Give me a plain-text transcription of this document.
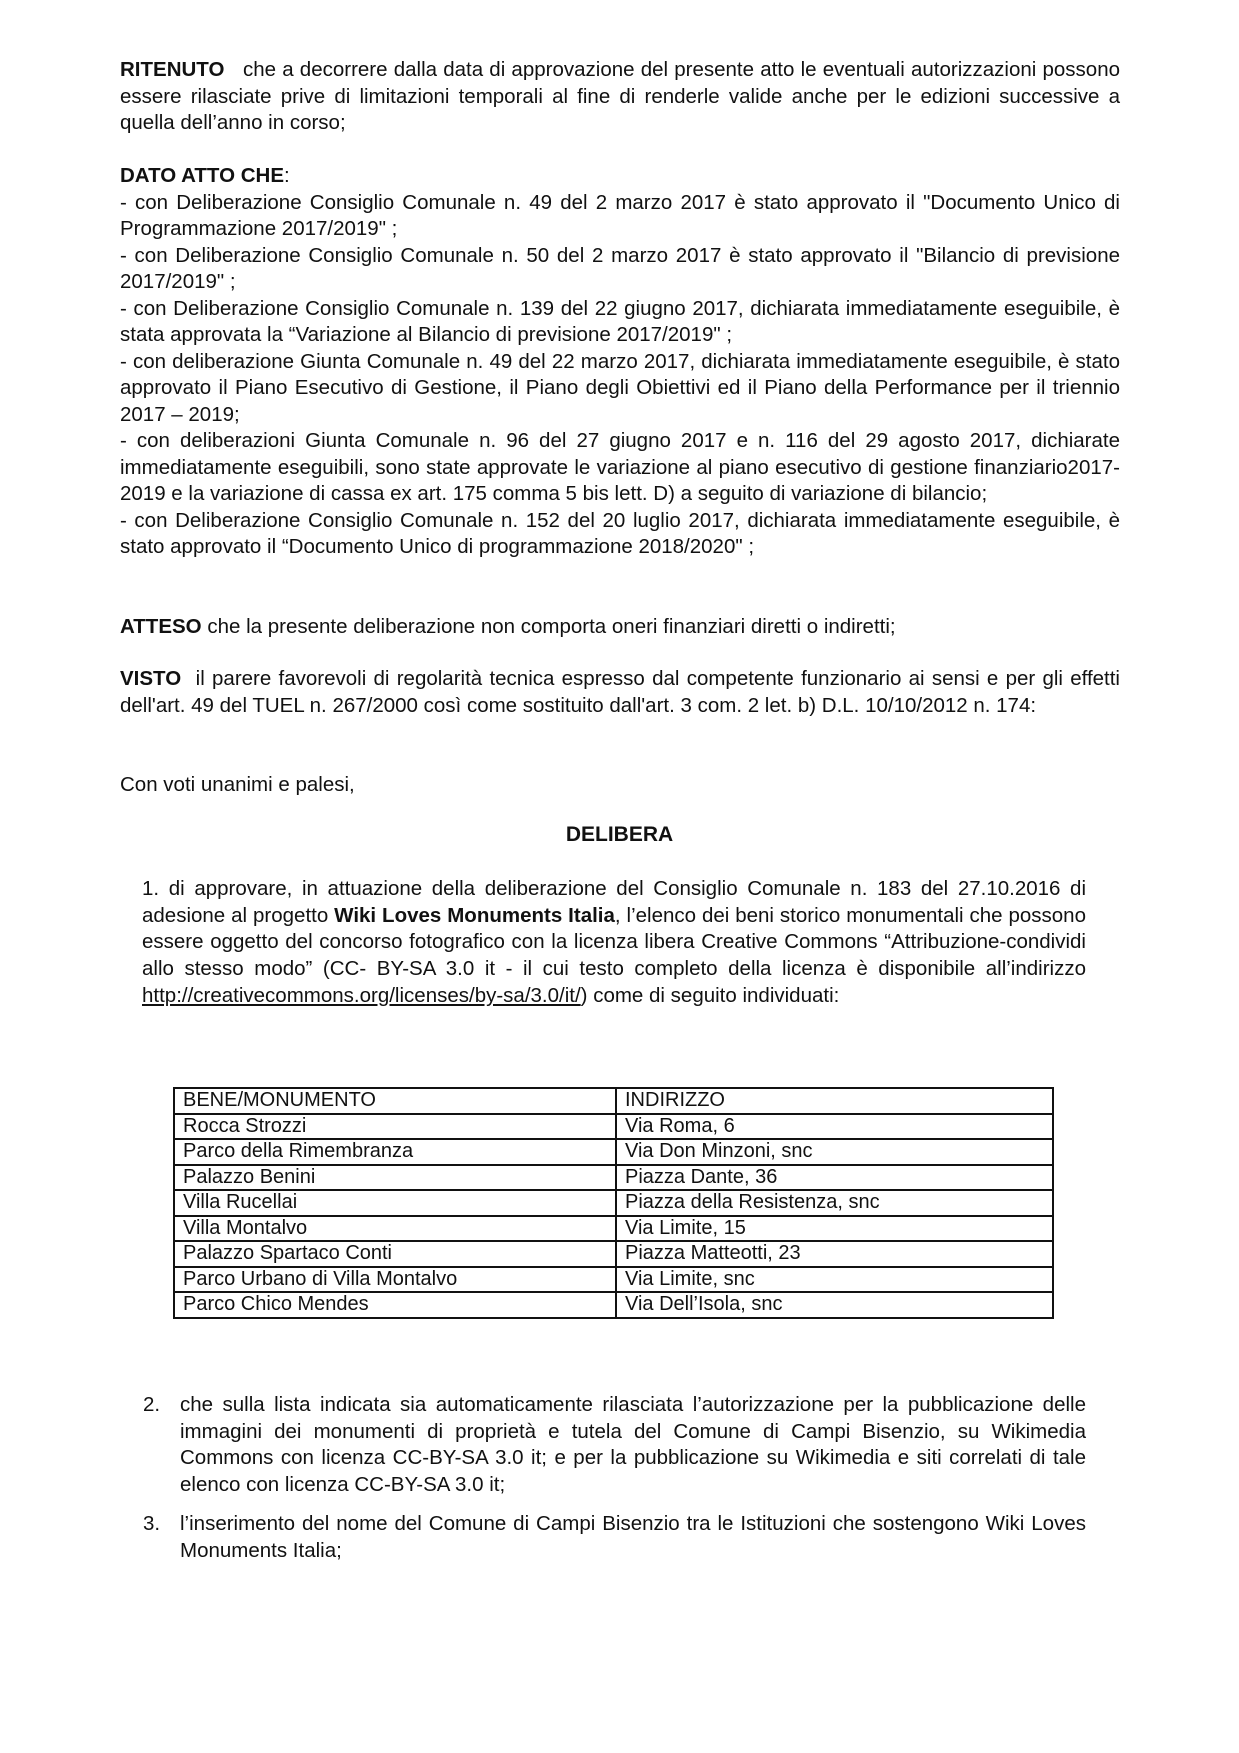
RITENUTO che a decorrere dalla data di approvazione del presente atto le eventuali autorizzazioni possono essere rilasciate prive di limitazioni temporali al fine di renderle valide anche per le edizioni successive a quella dell’anno in corso;

DATO ATTO CHE:

- con Deliberazione Consiglio Comunale n. 49 del 2 marzo 2017 è stato approvato il "Documento Unico di Programmazione 2017/2019" ;

- con Deliberazione Consiglio Comunale n. 50 del 2 marzo 2017 è stato approvato il "Bilancio di previsione 2017/2019" ;

- con Deliberazione Consiglio Comunale n. 139 del 22 giugno 2017, dichiarata immediatamente eseguibile, è stata approvata la “Variazione al Bilancio di previsione 2017/2019" ;

- con deliberazione Giunta Comunale n. 49 del 22 marzo 2017, dichiarata immediatamente eseguibile, è stato approvato il Piano Esecutivo di Gestione, il Piano degli Obiettivi ed il Piano della Performance per il triennio 2017 – 2019;

- con deliberazioni Giunta Comunale n. 96 del 27 giugno 2017 e n. 116 del 29 agosto 2017, dichiarate immediatamente eseguibili, sono state approvate le variazione al piano esecutivo di gestione finanziario2017-2019 e la variazione di cassa ex art. 175 comma 5 bis lett. D) a seguito di variazione di bilancio;

- con Deliberazione Consiglio Comunale n. 152 del 20 luglio 2017, dichiarata immediatamente eseguibile, è stato approvato il “Documento Unico di programmazione 2018/2020" ;

ATTESO che la presente deliberazione non comporta oneri finanziari diretti o indiretti;

VISTO il parere favorevoli di regolarità tecnica espresso dal competente funzionario ai sensi e per gli effetti dell'art. 49 del TUEL n. 267/2000 così come sostituito dall'art. 3 com. 2 let. b) D.L. 10/10/2012 n. 174:

Con voti unanimi e palesi,

DELIBERA
1. di approvare, in attuazione della deliberazione del Consiglio Comunale n. 183 del 27.10.2016 di adesione al progetto Wiki Loves Monuments Italia, l’elenco dei beni storico monumentali che possono essere oggetto del concorso fotografico con la licenza libera Creative Commons “Attribuzione-condividi allo stesso modo” (CC- BY-SA 3.0 it - il cui testo completo della licenza è disponibile all’indirizzo http://creativecommons.org/licenses/by-sa/3.0/it/) come di seguito individuati:
BENE/MONUMENTO	INDIRIZZO
Rocca Strozzi	Via Roma, 6
Parco della Rimembranza	Via Don Minzoni, snc
Palazzo Benini	Piazza Dante, 36
Villa Rucellai	Piazza della Resistenza, snc
Villa Montalvo	Via Limite, 15
Palazzo Spartaco Conti	Piazza Matteotti, 23
Parco Urbano di Villa Montalvo	Via Limite, snc
Parco Chico Mendes	Via Dell’Isola, snc
2. che sulla lista indicata sia automaticamente rilasciata l’autorizzazione per la pubblicazione delle immagini dei monumenti di proprietà e tutela del Comune di Campi Bisenzio, su Wikimedia Commons con licenza CC-BY-SA 3.0 it; e per la pubblicazione su Wikimedia e siti correlati di tale elenco con licenza CC-BY-SA 3.0 it;
3. l’inserimento del nome del Comune di Campi Bisenzio tra le Istituzioni che sostengono Wiki Loves Monuments Italia;
